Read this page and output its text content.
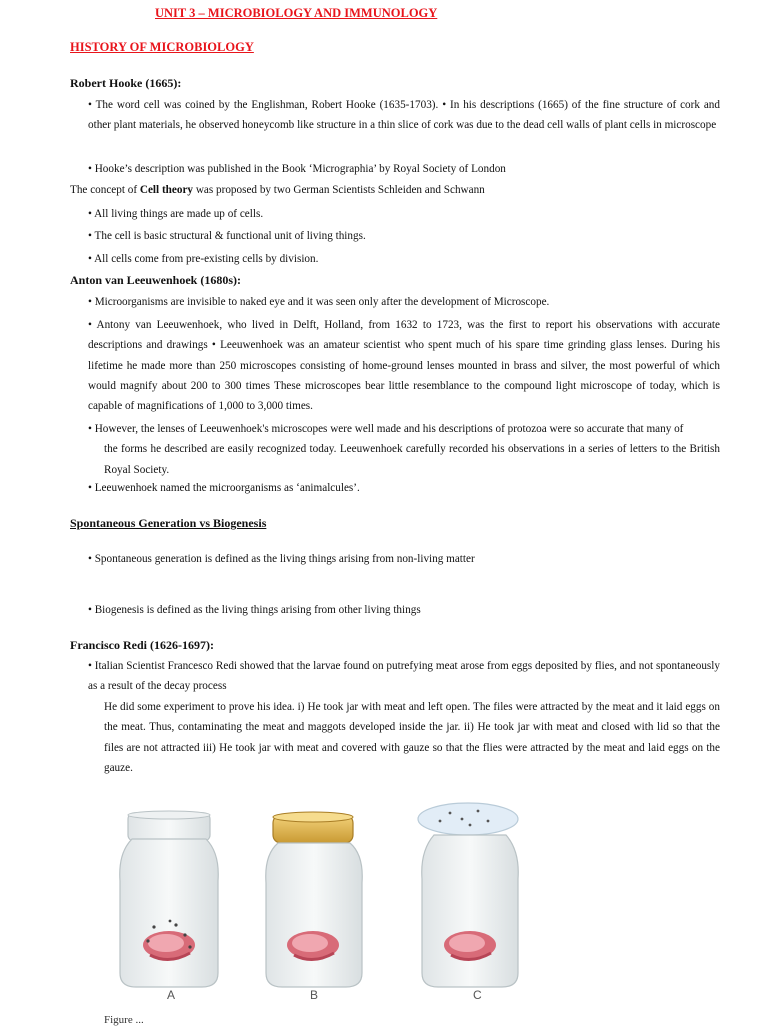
UNIT 3 – MICROBIOLOGY AND IMMUNOLOGY
HISTORY OF MICROBIOLOGY
Robert Hooke (1665):
• The word cell was coined by the Englishman, Robert Hooke (1635-1703). • In his descriptions (1665) of the fine structure of cork and other plant materials, he observed honeycomb like structure in a thin slice of cork was due to the dead cell walls of plant cells in microscope
• Hooke’s description was published in the Book ‘Micrographia’ by Royal Society of London
The concept of Cell theory was proposed by two German Scientists Schleiden and Schwann
• All living things are made up of cells.
• The cell is basic structural & functional unit of living things.
• All cells come from pre-existing cells by division.
Anton van Leeuwenhoek (1680s):
• Microorganisms are invisible to naked eye and it was seen only after the development of Microscope.
• Antony van Leeuwenhoek, who lived in Delft, Holland, from 1632 to 1723, was the first to report his observations with accurate descriptions and drawings • Leeuwenhoek was an amateur scientist who spent much of his spare time grinding glass lenses. During his lifetime he made more than 250 microscopes consisting of home-ground lenses mounted in brass and silver, the most powerful of which would magnify about 200 to 300 times These microscopes bear little resemblance to the compound light microscope of today, which is capable of magnifications of 1,000 to 3,000 times.
• However, the lenses of Leeuwenhoek's microscopes were well made and his descriptions of protozoa were so accurate that many of
the forms he described are easily recognized today. Leeuwenhoek carefully recorded his observations in a series of letters to the British Royal Society.
• Leeuwenhoek named the microorganisms as ‘animalcules’.
Spontaneous Generation vs Biogenesis
• Spontaneous generation is defined as the living things arising from non-living matter
• Biogenesis is defined as the living things arising from other living things
Francisco Redi (1626-1697):
• Italian Scientist Francesco Redi showed that the larvae found on putrefying meat arose from eggs deposited by flies, and not spontaneously as a result of the decay process
He did some experiment to prove his idea. i) He took jar with meat and left open. The files were attracted by the meat and it laid eggs on the meat. Thus, contaminating the meat and maggots developed inside the jar. ii) He took jar with meat and closed with lid so that the files are not attracted iii) He took jar with meat and covered with gauze so that the flies were attracted by the meat and laid eggs on the gauze.
A	B	C
Figure ...
